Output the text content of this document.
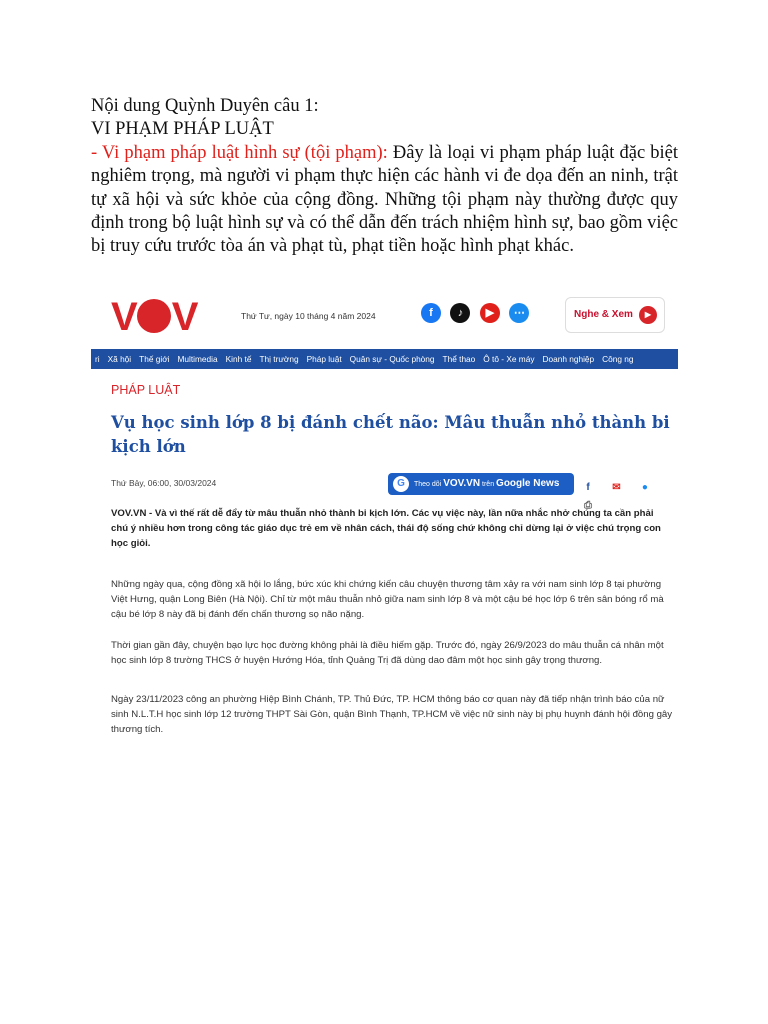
Nội dung Quỳnh Duyên câu 1:

VI PHẠM PHÁP LUẬT

- Vi phạm pháp luật hình sự (tội phạm): Đây là loại vi phạm pháp luật đặc biệt nghiêm trọng, mà người vi phạm thực hiện các hành vi đe dọa đến an ninh, trật tự xã hội và sức khỏe của cộng đồng. Những tội phạm này thường được quy định trong bộ luật hình sự và có thể dẫn đến trách nhiệm hình sự, bao gồm việc bị truy cứu trước tòa án và phạt tù, phạt tiền hoặc hình phạt khác.

V V	Thứ Tư, ngày 10 tháng 4 năm 2024	f ♪ ▶ ⋯	Nghe & Xem	▶
ri Xã hội Thế giới Multimedia Kinh tế Thị trường Pháp luật Quân sự - Quốc phòng Thể thao Ô tô - Xe máy Doanh nghiệp Công ng
PHÁP LUẬT
Vụ học sinh lớp 8 bị đánh chết não: Mâu thuẫn nhỏ thành bi kịch lớn
Thứ Bảy, 06:00, 30/03/2024	G	Theo dõi VOV.VN trên Google News	f ✉ ● ⎙
VOV.VN - Và vì thế rất dễ đẩy từ mâu thuẫn nhỏ thành bi kịch lớn. Các vụ việc này, lần nữa nhắc nhở chúng ta cần phải chú ý nhiều hơn trong công tác giáo dục trẻ em về nhân cách, thái độ sống chứ không chỉ dừng lại ở việc chú trọng con học giỏi.
Những ngày qua, cộng đồng xã hội lo lắng, bức xúc khi chứng kiến câu chuyện thương tâm xảy ra với nam sinh lớp 8 tại phường Việt Hưng, quận Long Biên (Hà Nội). Chỉ từ một mâu thuẫn nhỏ giữa nam sinh lớp 8 và một cậu bé học lớp 6 trên sân bóng rổ mà cậu bé lớp 8 này đã bị đánh đến chấn thương sọ não nặng.
Thời gian gần đây, chuyện bạo lực học đường không phải là điều hiếm gặp. Trước đó, ngày 26/9/2023 do mâu thuẫn cá nhân một học sinh lớp 8 trường THCS ở huyện Hướng Hóa, tỉnh Quảng Trị đã dùng dao đâm một học sinh gây trọng thương.
Ngày 23/11/2023 công an phường Hiệp Bình Chánh, TP. Thủ Đức, TP. HCM thông báo cơ quan này đã tiếp nhận trình báo của nữ sinh N.L.T.H học sinh lớp 12 trường THPT Sài Gòn, quận Bình Thạnh, TP.HCM về việc nữ sinh này bị phụ huynh đánh hội đồng gây thương tích.
